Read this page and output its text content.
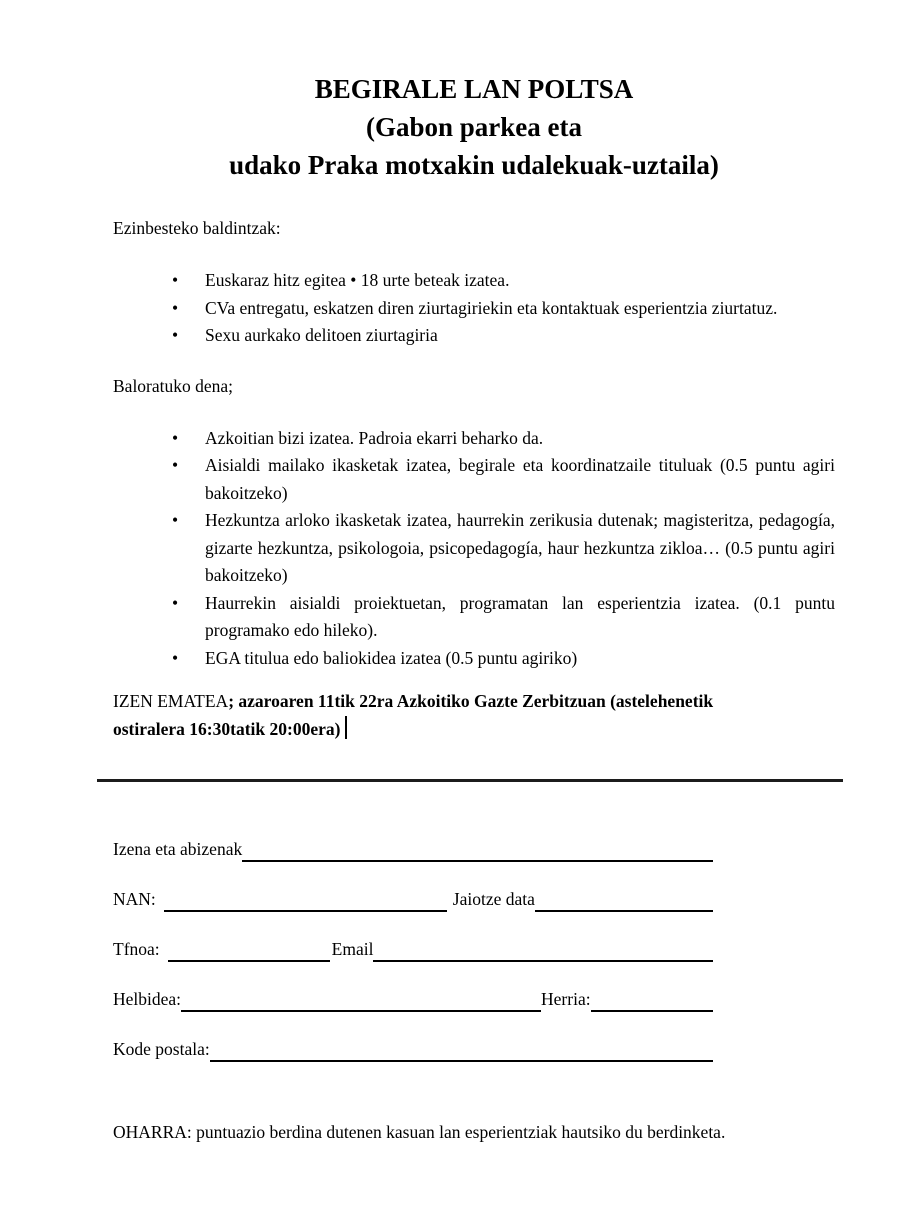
BEGIRALE LAN POLTSA
(Gabon parkea eta
udako Praka motxakin udalekuak-uztaila)

Ezinbesteko baldintzak:

• Euskaraz hitz egitea • 18 urte beteak izatea.
• CVa entregatu, eskatzen diren ziurtagiriekin eta kontaktuak esperientzia ziurtatuz.
• Sexu aurkako delitoen ziurtagiria

Baloratuko dena;

• Azkoitian bizi izatea. Padroia ekarri beharko da.
• Aisialdi mailako ikasketak izatea, begirale eta koordinatzaile tituluak (0.5 puntu agiri bakoitzeko)
• Hezkuntza arloko ikasketak izatea, haurrekin zerikusia dutenak; magisteritza, pedagogía, gizarte hezkuntza, psikologoia, psicopedagogía, haur hezkuntza zikloa… (0.5 puntu agiri bakoitzeko)
• Haurrekin aisialdi proiektuetan, programatan lan esperientzia izatea. (0.1 puntu programako edo hileko).
• EGA titulua edo baliokidea izatea (0.5 puntu agiriko)

IZEN EMATEA; azaroaren 11tik 22ra Azkoitiko Gazte Zerbitzuan (astelehenetik
ostiralera 16:30tatik 20:00era)

Izena eta abizenak
NAN:	Jaiotze data
Tfnoa:	Email
Helbidea:	Herria:
Kode postala:

OHARRA: puntuazio berdina dutenen kasuan lan esperientziak hautsiko du berdinketa.
